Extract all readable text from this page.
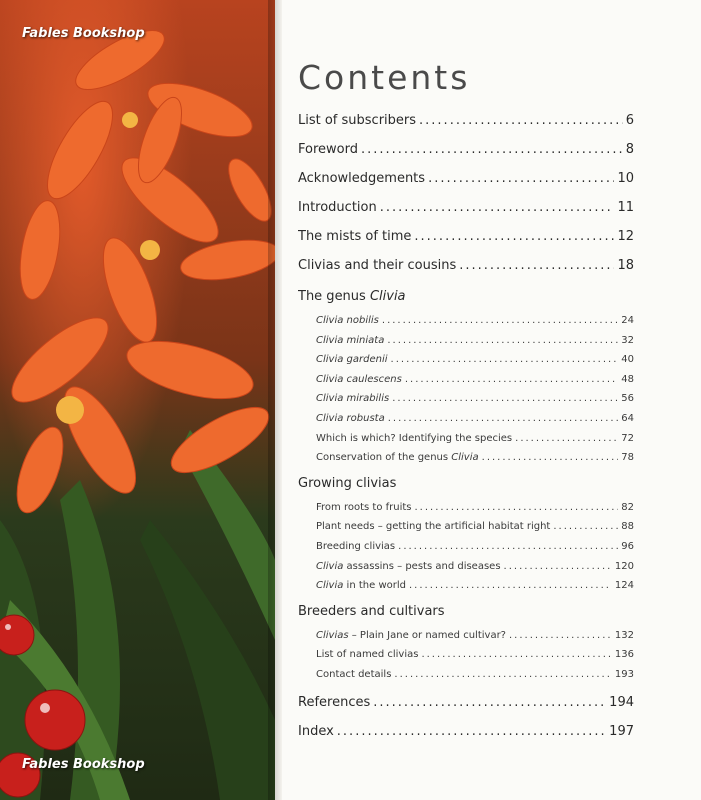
Fables Bookshop
Fables Bookshop
Contents
List of subscribers .....	6
Foreword .....	8
Acknowledgements .....	10
Introduction .....	11
The mists of time .....	12
Clivias and their cousins .....	18
The genus Clivia
Clivia nobilis .....	24
Clivia miniata .....	32
Clivia gardenii .....	40
Clivia caulescens .....	48
Clivia mirabilis .....	56
Clivia robusta .....	64
Which is which? Identifying the species .....	72
Conservation of the genus Clivia .....	78
Growing clivias
From roots to fruits .....	82
Plant needs – getting the artificial habitat right .....	88
Breeding clivias .....	96
Clivia assassins – pests and diseases .....	120
Clivia in the world .....	124
Breeders and cultivars
Clivias – Plain Jane or named cultivar? .....	132
List of named clivias .....	136
Contact details .....	193
References .....	194
Index .....	197
